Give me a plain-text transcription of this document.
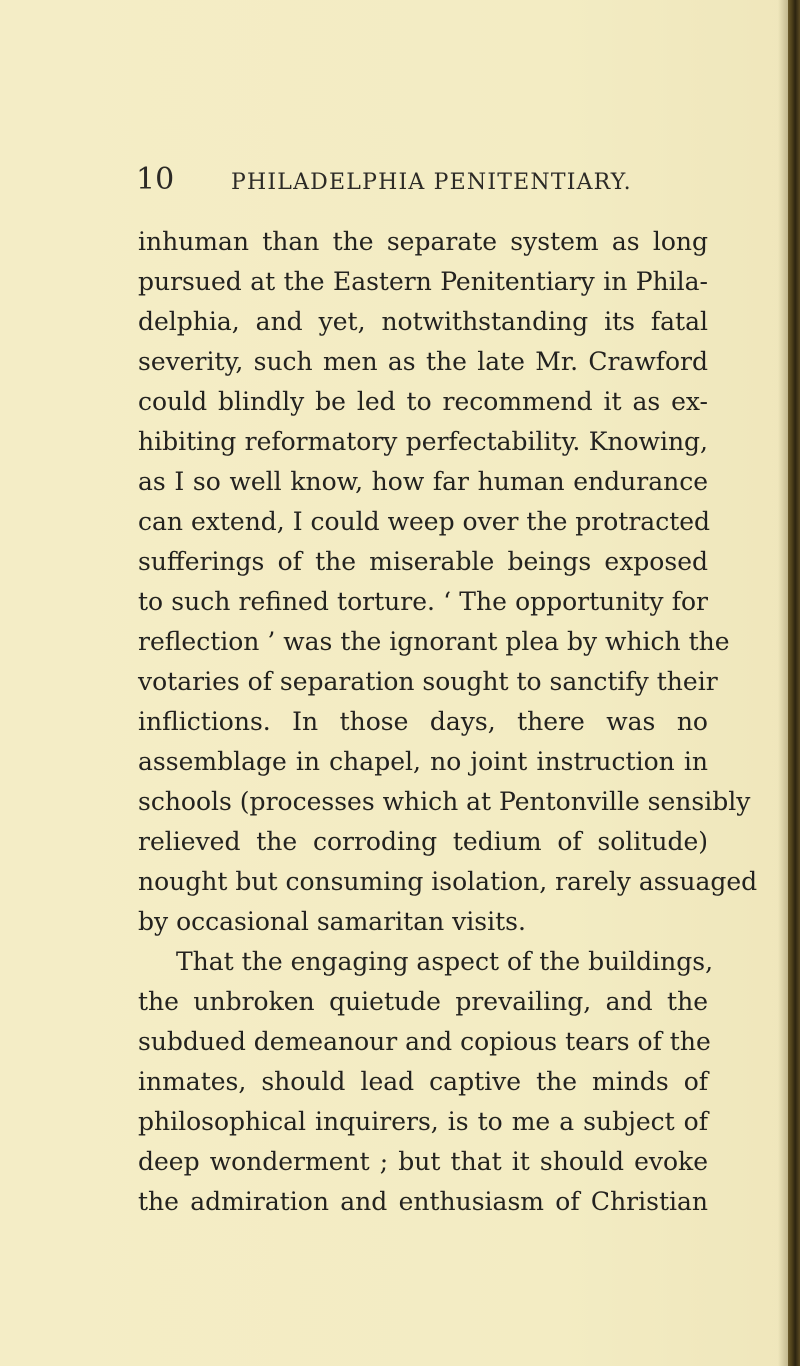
10	PHILADELPHIA PENITENTIARY.
inhuman than the separate system as long
pursued at the Eastern Penitentiary in Phila-
delphia, and yet, notwithstanding its fatal
severity, such men as the late Mr. Crawford
could blindly be led to recommend it as ex-
hibiting reformatory perfectability. Knowing,
as I so well know, how far human endurance
can extend, I could weep over the protracted
sufferings of the miserable beings exposed
to such refined torture. ‘ The opportunity for
reflection ’ was the ignorant plea by which the
votaries of separation sought to sanctify their
inflictions. In those days, there was no
assemblage in chapel, no joint instruction in
schools (processes which at Pentonville sensibly
relieved the corroding tedium of solitude)
nought but consuming isolation, rarely assuaged
by occasional samaritan visits.
That the engaging aspect of the buildings,
the unbroken quietude prevailing, and the
subdued demeanour and copious tears of the
inmates, should lead captive the minds of
philosophical inquirers, is to me a subject of
deep wonderment ; but that it should evoke
the admiration and enthusiasm of Christian
